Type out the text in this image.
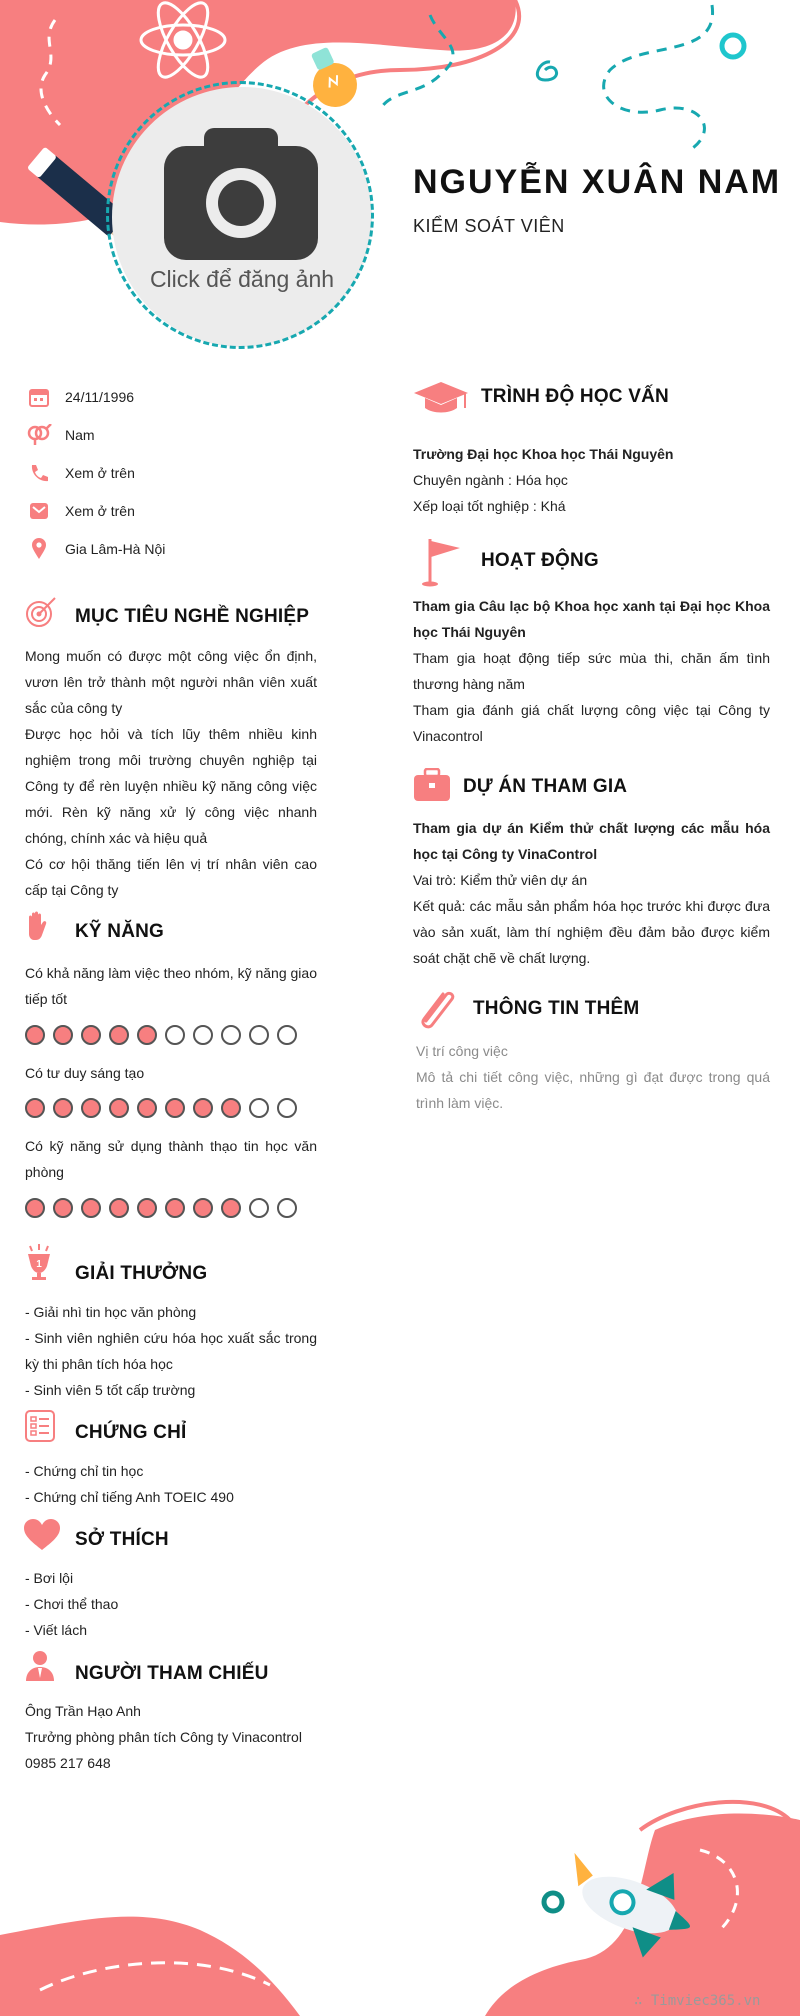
Click để đăng ảnh
NGUYỄN XUÂN NAM
KIỂM SOÁT VIÊN
24/11/1996
Nam
Xem ở trên
Xem ở trên
Gia Lâm-Hà Nội
MỤC TIÊU NGHỀ NGHIỆP

Mong muốn có được một công việc ổn định, vươn lên trở thành một người nhân viên xuất sắc của công ty

Được học hỏi và tích lũy thêm nhiều kinh nghiệm trong môi trường chuyên nghiệp tại Công ty để rèn luyện nhiều kỹ năng công việc mới. Rèn kỹ năng xử lý công việc nhanh chóng, chính xác và hiệu quả

Có cơ hội thăng tiến lên vị trí nhân viên cao cấp tại Công ty

KỸ NĂNG
Có khả năng làm việc theo nhóm, kỹ năng giao tiếp tốt
Có tư duy sáng tạo
Có kỹ năng sử dụng thành thạo tin học văn phòng
1 GIẢI THƯỞNG

- Giải nhì tin học văn phòng

- Sinh viên nghiên cứu hóa học xuất sắc trong kỳ thi phân tích hóa học

- Sinh viên 5 tốt cấp trường

CHỨNG CHỈ

- Chứng chỉ tin học

- Chứng chỉ tiếng Anh TOEIC 490

SỞ THÍCH

- Bơi lội

- Chơi thể thao

- Viết lách

NGƯỜI THAM CHIẾU

Ông Trần Hạo Anh

Trưởng phòng phân tích Công ty Vinacontrol

0985 217 648

TRÌNH ĐỘ HỌC VẤN

Trường Đại học Khoa học Thái Nguyên

Chuyên ngành : Hóa học

Xếp loại tốt nghiệp : Khá

HOẠT ĐỘNG

Tham gia Câu lạc bộ Khoa học xanh tại Đại học Khoa học Thái Nguyên

Tham gia hoạt động tiếp sức mùa thi, chăn ấm tình thương hàng năm

Tham gia đánh giá chất lượng công việc tại Công ty Vinacontrol

DỰ ÁN THAM GIA

Tham gia dự án Kiểm thử chất lượng các mẫu hóa học tại Công ty VinaControl

Vai trò: Kiểm thử viên dự án

Kết quả: các mẫu sản phẩm hóa học trước khi được đưa vào sản xuất, làm thí nghiệm đều đảm bảo được kiểm soát chặt chẽ về chất lượng.

THÔNG TIN THÊM

Vị trí công việc

Mô tả chi tiết công việc, những gì đạt được trong quá trình làm việc.

∴ Timviec365.vn
